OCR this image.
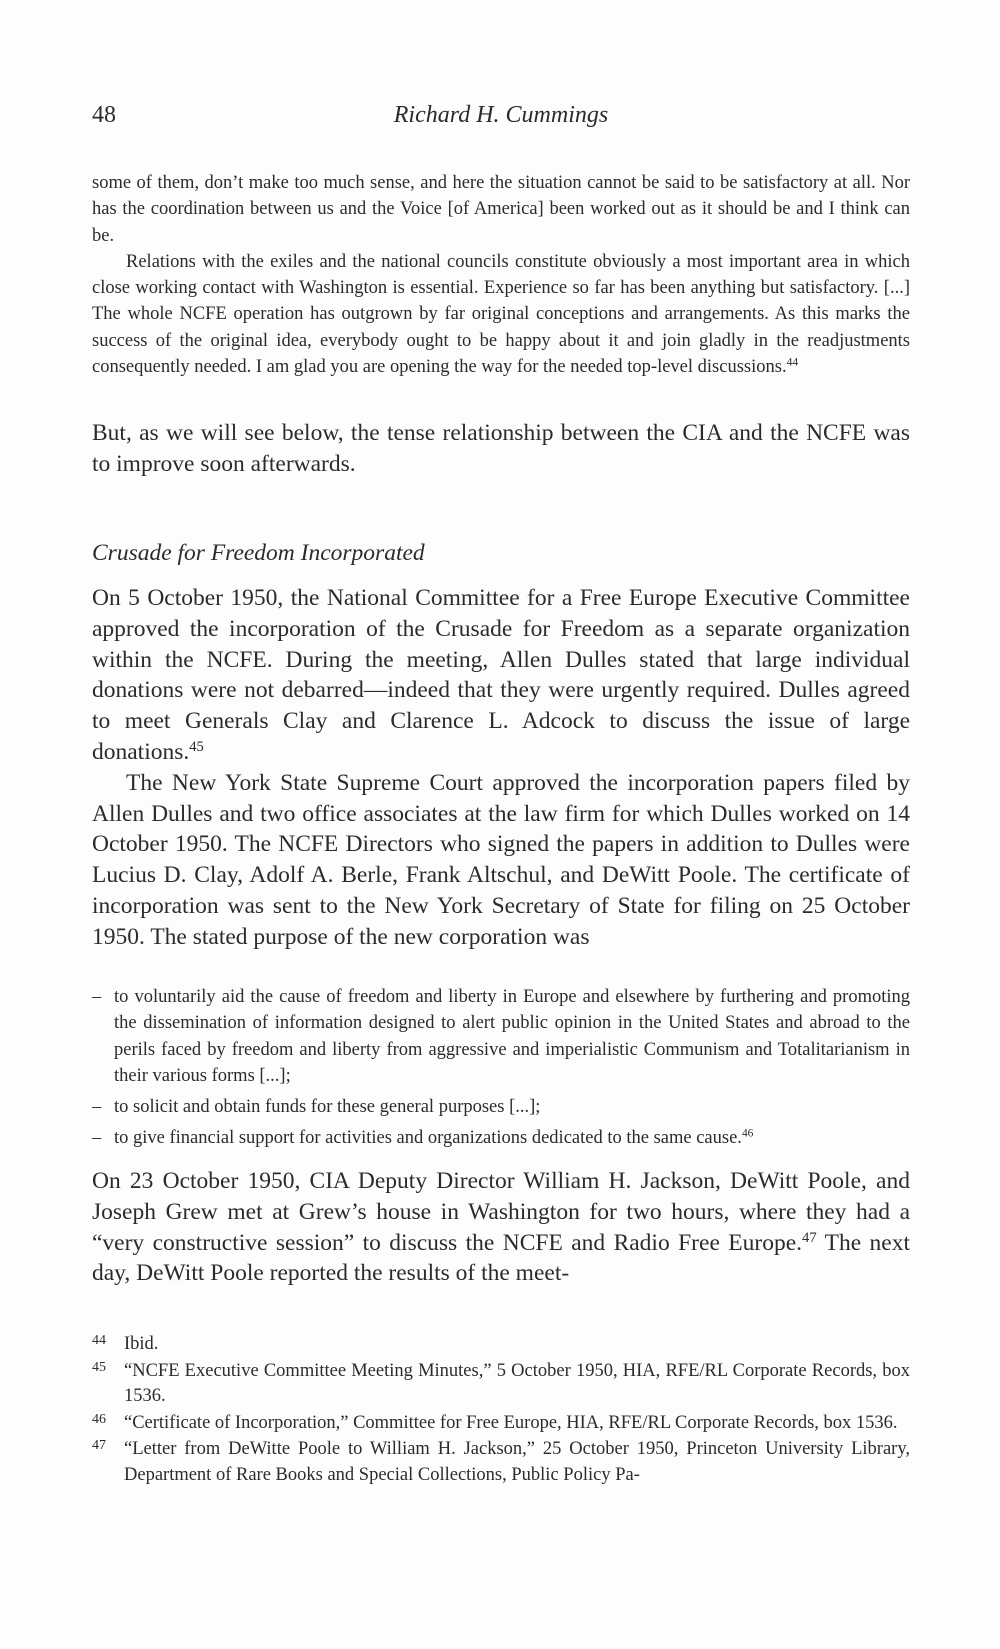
48	Richard H. Cummings

some of them, don’t make too much sense, and here the situation cannot be said to be satisfactory at all. Nor has the coordination between us and the Voice [of America] been worked out as it should be and I think can be.

Relations with the exiles and the national councils constitute obviously a most important area in which close working contact with Washington is essential. Experience so far has been anything but satisfactory. [...] The whole NCFE operation has outgrown by far original conceptions and arrangements. As this marks the success of the original idea, everybody ought to be happy about it and join gladly in the readjustments consequently needed. I am glad you are opening the way for the needed top-level discussions.$^{44}$

But, as we will see below, the tense relationship between the CIA and the NCFE was to improve soon afterwards.

Crusade for Freedom Incorporated

On 5 October 1950, the National Committee for a Free Europe Executive Committee approved the incorporation of the Crusade for Freedom as a separate organization within the NCFE. During the meeting, Allen Dulles stated that large individual donations were not debarred—indeed that they were urgently required. Dulles agreed to meet Generals Clay and Clarence L. Adcock to discuss the issue of large donations.$^{45}$

The New York State Supreme Court approved the incorporation papers filed by Allen Dulles and two office associates at the law firm for which Dulles worked on 14 October 1950. The NCFE Directors who signed the papers in addition to Dulles were Lucius D. Clay, Adolf A. Berle, Frank Altschul, and DeWitt Poole. The certificate of incorporation was sent to the New York Secretary of State for filing on 25 October 1950. The stated purpose of the new corporation was

– to voluntarily aid the cause of freedom and liberty in Europe and elsewhere by furthering and promoting the dissemination of information designed to alert public opinion in the United States and abroad to the perils faced by freedom and liberty from aggressive and imperialistic Communism and Totalitarianism in their various forms [...];
– to solicit and obtain funds for these general purposes [...];
– to give financial support for activities and organizations dedicated to the same cause.$^{46}$

On 23 October 1950, CIA Deputy Director William H. Jackson, DeWitt Poole, and Joseph Grew met at Grew’s house in Washington for two hours, where they had a “very constructive session” to discuss the NCFE and Radio Free Europe.$^{47}$ The next day, DeWitt Poole reported the results of the meet-

44 Ibid.
45 “NCFE Executive Committee Meeting Minutes,” 5 October 1950, HIA, RFE/RL Corporate Records, box 1536.
46 “Certificate of Incorporation,” Committee for Free Europe, HIA, RFE/RL Corporate Records, box 1536.
47 “Letter from DeWitte Poole to William H. Jackson,” 25 October 1950, Princeton University Library, Department of Rare Books and Special Collections, Public Policy Pa-
